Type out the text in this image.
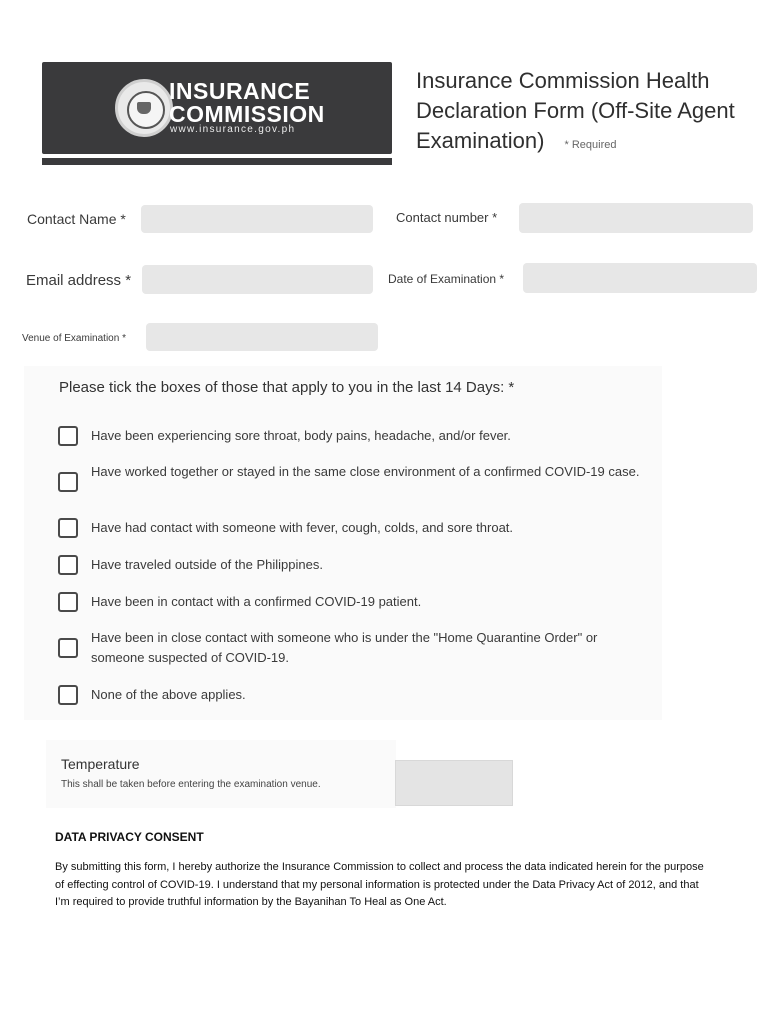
INSURANCE
COMMISSION
www.insurance.gov.ph
Insurance Commission Health Declaration Form (Off-Site Agent Examination) * Required
Contact Name *	Contact number *
Email address *	Date of Examination *
Venue of Examination *
Please tick the boxes of those that apply to you in the last 14 Days: *
Have been experiencing sore throat, body pains, headache, and/or fever.
Have worked together or stayed in the same close environment of a confirmed COVID-19 case.
Have had contact with someone with fever, cough, colds, and sore throat.
Have traveled outside of the Philippines.
Have been in contact with a confirmed COVID-19 patient.
Have been in close contact with someone who is under the "Home Quarantine Order" or someone suspected of COVID-19.
None of the above applies.
Temperature
This shall be taken before entering the examination venue.
DATA PRIVACY CONSENT
By submitting this form, I hereby authorize the Insurance Commission to collect and process the data indicated herein for the purpose of effecting control of COVID-19. I understand that my personal information is protected under the Data Privacy Act of 2012, and that I’m required to provide truthful information by the Bayanihan To Heal as One Act.
